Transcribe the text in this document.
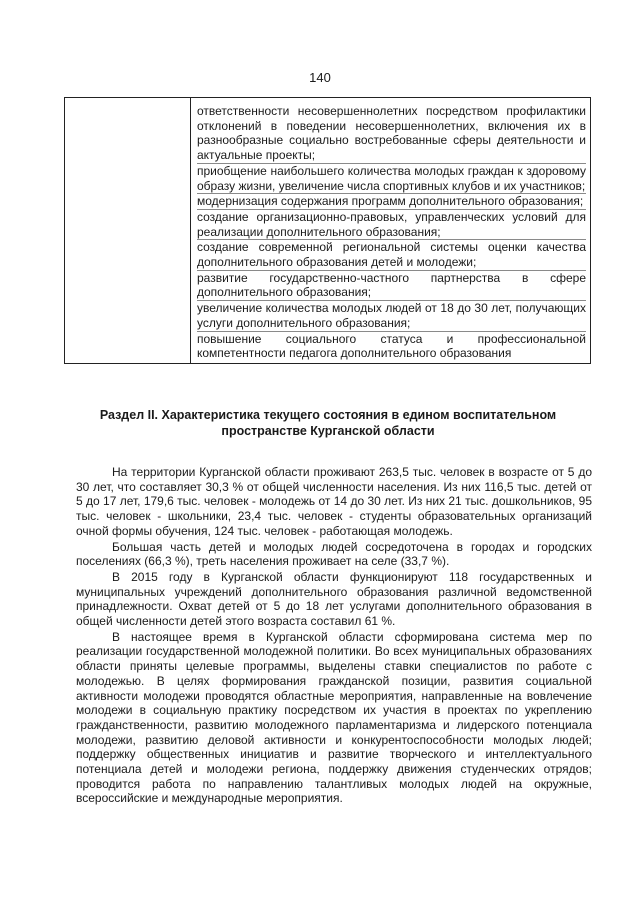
140

ответственности несовершеннолетних посредством профилактики отклонений в поведении несовершеннолетних, включения их в разнообразные социально востребованные сферы деятельности и актуальные проекты;
приобщение наибольшего количества молодых граждан к здоровому образу жизни, увеличение числа спортивных клубов и их участников;
модернизация содержания программ дополнительного образования;
создание организационно-правовых, управленческих условий для реализации дополнительного образования;
создание современной региональной системы оценки качества дополнительного образования детей и молодежи;
развитие государственно-частного партнерства в сфере дополнительного образования;
увеличение количества молодых людей от 18 до 30 лет, получающих услуги дополнительного образования;
повышение социального статуса и профессиональной компетентности педагога дополнительного образования
Раздел II. Характеристика текущего состояния в едином воспитательном пространстве Курганской области

На территории Курганской области проживают 263,5 тыс. человек в возрасте от 5 до 30 лет, что составляет 30,3 % от общей численности населения. Из них 116,5 тыс. детей от 5 до 17 лет, 179,6 тыс. человек - молодежь от 14 до 30 лет. Из них 21 тыс. дошкольников, 95 тыс. человек - школьники, 23,4 тыс. человек - студенты образовательных организаций очной формы обучения, 124 тыс. человек - работающая молодежь.

Большая часть детей и молодых людей сосредоточена в городах и городских поселениях (66,3 %), треть населения проживает на селе (33,7 %).

В 2015 году в Курганской области функционируют 118 государственных и муниципальных учреждений дополнительного образования различной ведомственной принадлежности. Охват детей от 5 до 18 лет услугами дополнительного образования в общей численности детей этого возраста составил 61 %.

В настоящее время в Курганской области сформирована система мер по реализации государственной молодежной политики. Во всех муниципальных образованиях области приняты целевые программы, выделены ставки специалистов по работе с молодежью. В целях формирования гражданской позиции, развития социальной активности молодежи проводятся областные мероприятия, направленные на вовлечение молодежи в социальную практику посредством их участия в проектах по укреплению гражданственности, развитию молодежного парламентаризма и лидерского потенциала молодежи, развитию деловой активности и конкурентоспособности молодых людей; поддержку общественных инициатив и развитие творческого и интеллектуального потенциала детей и молодежи региона, поддержку движения студенческих отрядов; проводится работа по направлению талантливых молодых людей на окружные, всероссийские и международные мероприятия.
